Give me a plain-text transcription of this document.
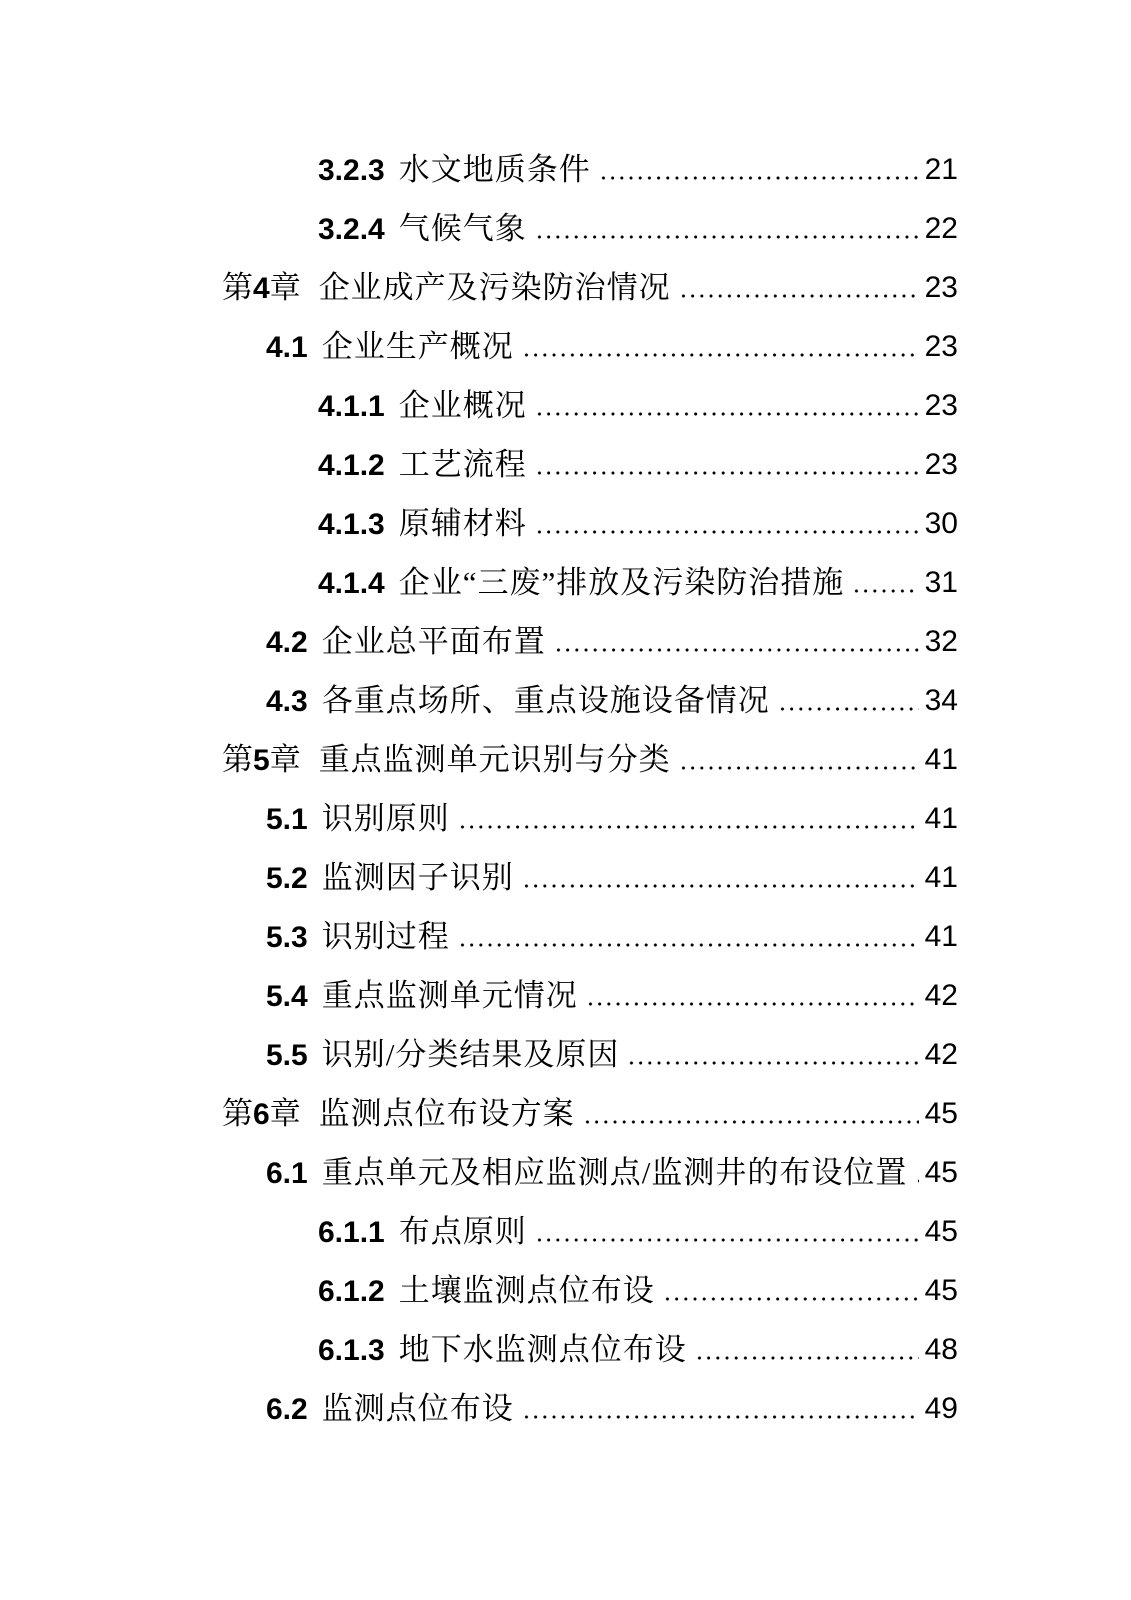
3.2.3 水文地质条件	21
3.2.4 气候气象	22
第4章 企业成产及污染防治情况	23
4.1 企业生产概况	23
4.1.1 企业概况	23
4.1.2 工艺流程	23
4.1.3 原辅材料	30
4.1.4 企业“三废”排放及污染防治措施	31
4.2 企业总平面布置	32
4.3 各重点场所、重点设施设备情况	34
第5章 重点监测单元识别与分类	41
5.1 识别原则	41
5.2 监测因子识别	41
5.3 识别过程	41
5.4 重点监测单元情况	42
5.5 识别/分类结果及原因	42
第6章 监测点位布设方案	45
6.1 重点单元及相应监测点/监测井的布设位置 45
6.1.1 布点原则	45
6.1.2 土壤监测点位布设	45
6.1.3 地下水监测点位布设	48
6.2 监测点位布设	49
